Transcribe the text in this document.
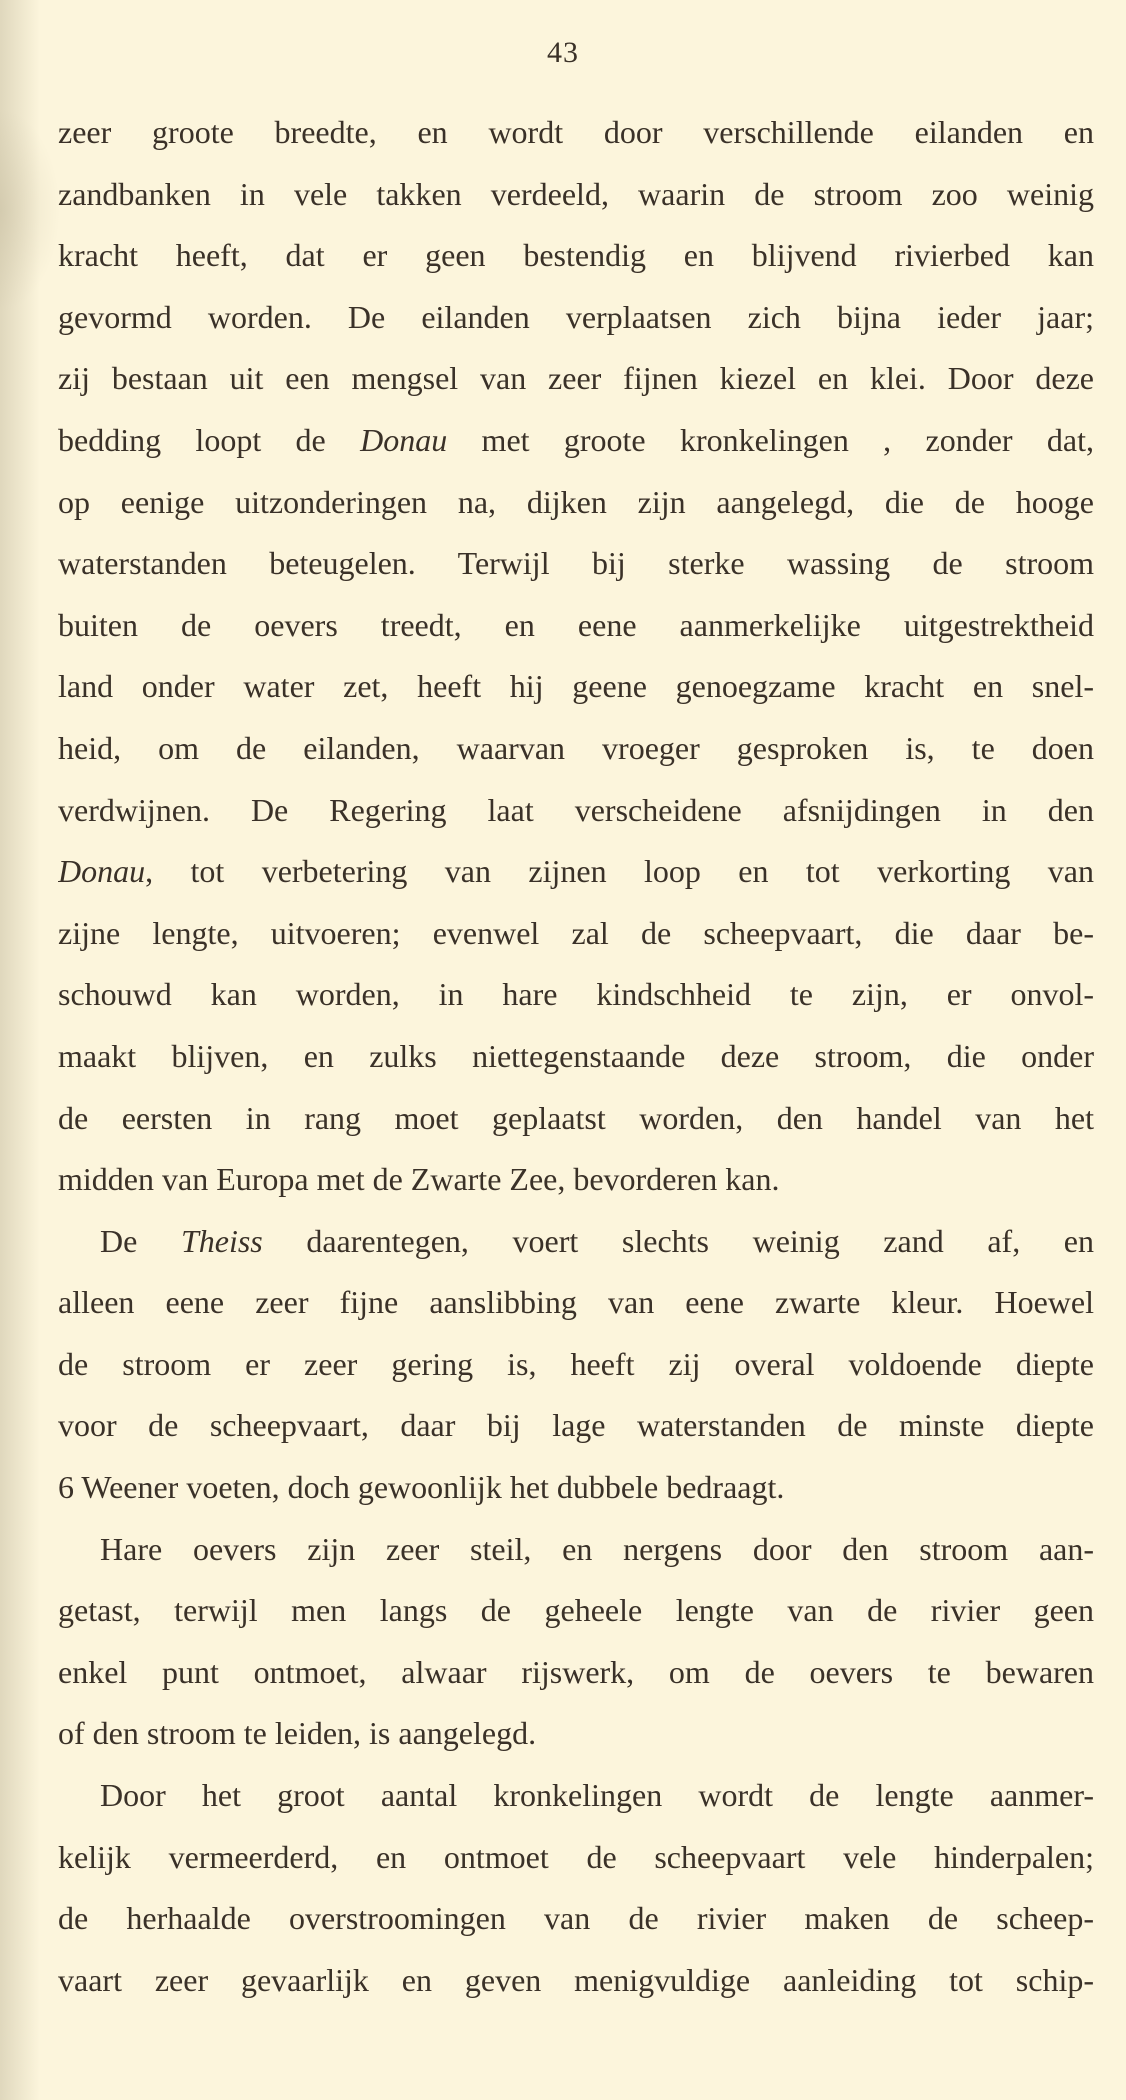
43
zeer groote breedte, en wordt door verschillende eilanden en
zandbanken in vele takken verdeeld, waarin de stroom zoo weinig
kracht heeft, dat er geen bestendig en blijvend rivierbed kan
gevormd worden. De eilanden verplaatsen zich bijna ieder jaar;
zij bestaan uit een mengsel van zeer fijnen kiezel en klei. Door deze
bedding loopt de Donau met groote kronkelingen , zonder dat,
op eenige uitzonderingen na, dijken zijn aangelegd, die de hooge
waterstanden beteugelen. Terwijl bij sterke wassing de stroom
buiten de oevers treedt, en eene aanmerkelijke uitgestrektheid
land onder water zet, heeft hij geene genoegzame kracht en snel-
heid, om de eilanden, waarvan vroeger gesproken is, te doen
verdwijnen. De Regering laat verscheidene afsnijdingen in den
Donau, tot verbetering van zijnen loop en tot verkorting van
zijne lengte, uitvoeren; evenwel zal de scheepvaart, die daar be-
schouwd kan worden, in hare kindschheid te zijn, er onvol-
maakt blijven, en zulks niettegenstaande deze stroom, die onder
de eersten in rang moet geplaatst worden, den handel van het
midden van Europa met de Zwarte Zee, bevorderen kan.
De Theiss daarentegen, voert slechts weinig zand af, en
alleen eene zeer fijne aanslibbing van eene zwarte kleur. Hoewel
de stroom er zeer gering is, heeft zij overal voldoende diepte
voor de scheepvaart, daar bij lage waterstanden de minste diepte
6 Weener voeten, doch gewoonlijk het dubbele bedraagt.
Hare oevers zijn zeer steil, en nergens door den stroom aan-
getast, terwijl men langs de geheele lengte van de rivier geen
enkel punt ontmoet, alwaar rijswerk, om de oevers te bewaren
of den stroom te leiden, is aangelegd.
Door het groot aantal kronkelingen wordt de lengte aanmer-
kelijk vermeerderd, en ontmoet de scheepvaart vele hinderpalen;
de herhaalde overstroomingen van de rivier maken de scheep-
vaart zeer gevaarlijk en geven menigvuldige aanleiding tot schip-
